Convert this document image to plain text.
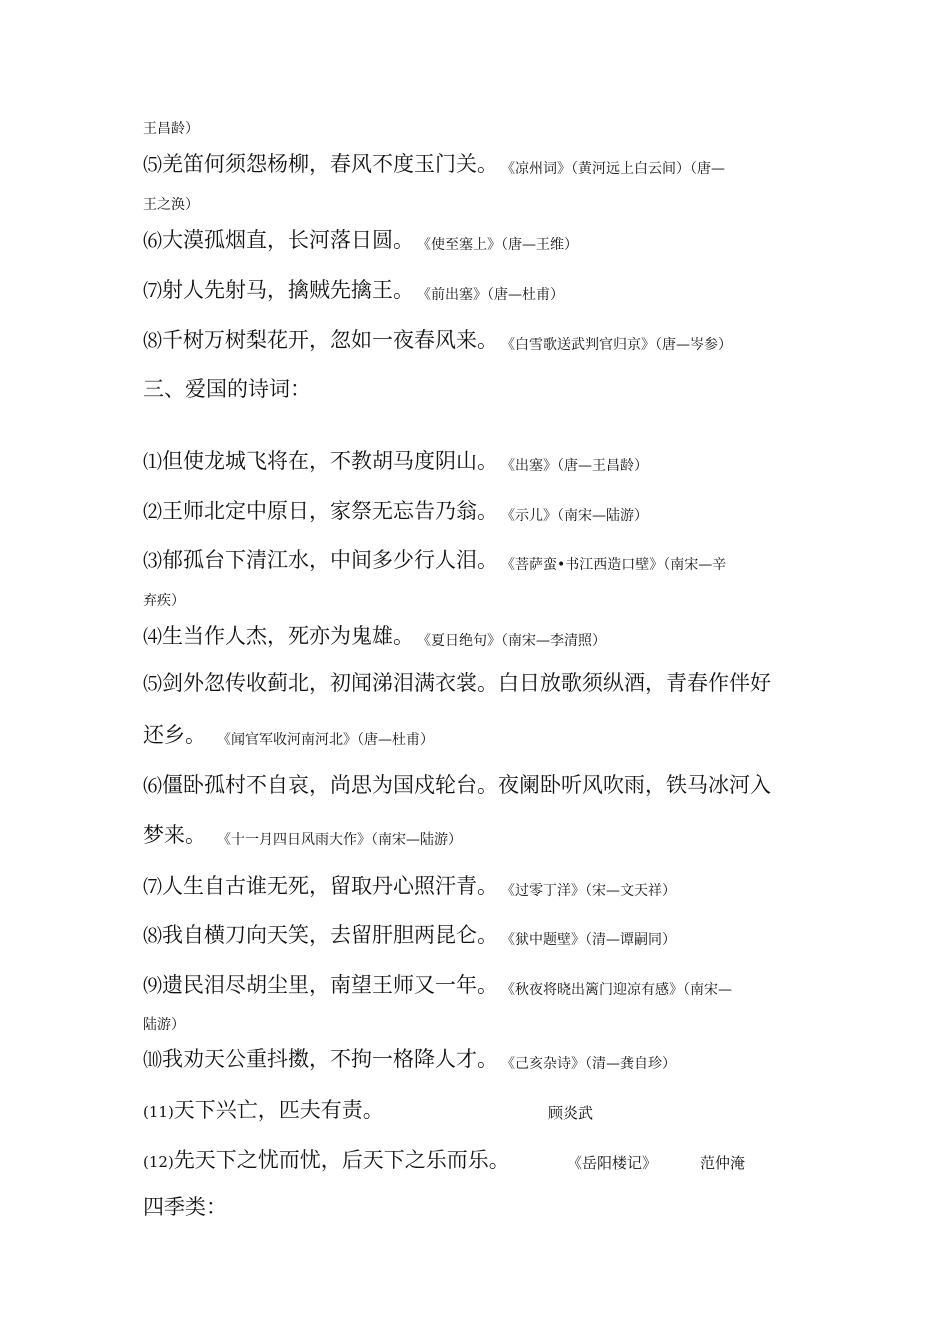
王昌龄）
⑸羌笛何须怨杨柳，春风不度玉门关。 《凉州词》（黄河远上白云间）（唐—
王之涣）
⑹大漠孤烟直，长河落日圆。 《使至塞上》（唐—王维）
⑺射人先射马，擒贼先擒王。 《前出塞》（唐—杜甫）
⑻千树万树梨花开，忽如一夜春风来。 《白雪歌送武判官归京》（唐—岑参）
三、爱国的诗词：
⑴但使龙城飞将在，不教胡马度阴山。 《出塞》（唐—王昌龄）
⑵王师北定中原日，家祭无忘告乃翁。 《示儿》（南宋—陆游）
⑶郁孤台下清江水，中间多少行人泪。 《菩萨蛮•书江西造口壁》（南宋—辛
弃疾）
⑷生当作人杰，死亦为鬼雄。 《夏日绝句》（南宋—李清照）
⑸剑外忽传收蓟北，初闻涕泪满衣裳。白日放歌须纵酒，青春作伴好
还乡。 《闻官军收河南河北》（唐—杜甫）
⑹僵卧孤村不自哀，尚思为国戍轮台。夜阑卧听风吹雨，铁马冰河入
梦来。 《十一月四日风雨大作》（南宋—陆游）
⑺人生自古谁无死，留取丹心照汗青。 《过零丁洋》（宋—文天祥）
⑻我自横刀向天笑，去留肝胆两昆仑。 《狱中题壁》（清—谭嗣同）
⑼遗民泪尽胡尘里，南望王师又一年。 《秋夜将晓出篱门迎凉有感》（南宋—
陆游）
⑽我劝天公重抖擞，不拘一格降人才。 《己亥杂诗》（清—龚自珍）
(11)天下兴亡，匹夫有责。	顾炎武
(12)先天下之忧而忧，后天下之乐而乐。	《岳阳楼记》	范仲淹
四季类：
